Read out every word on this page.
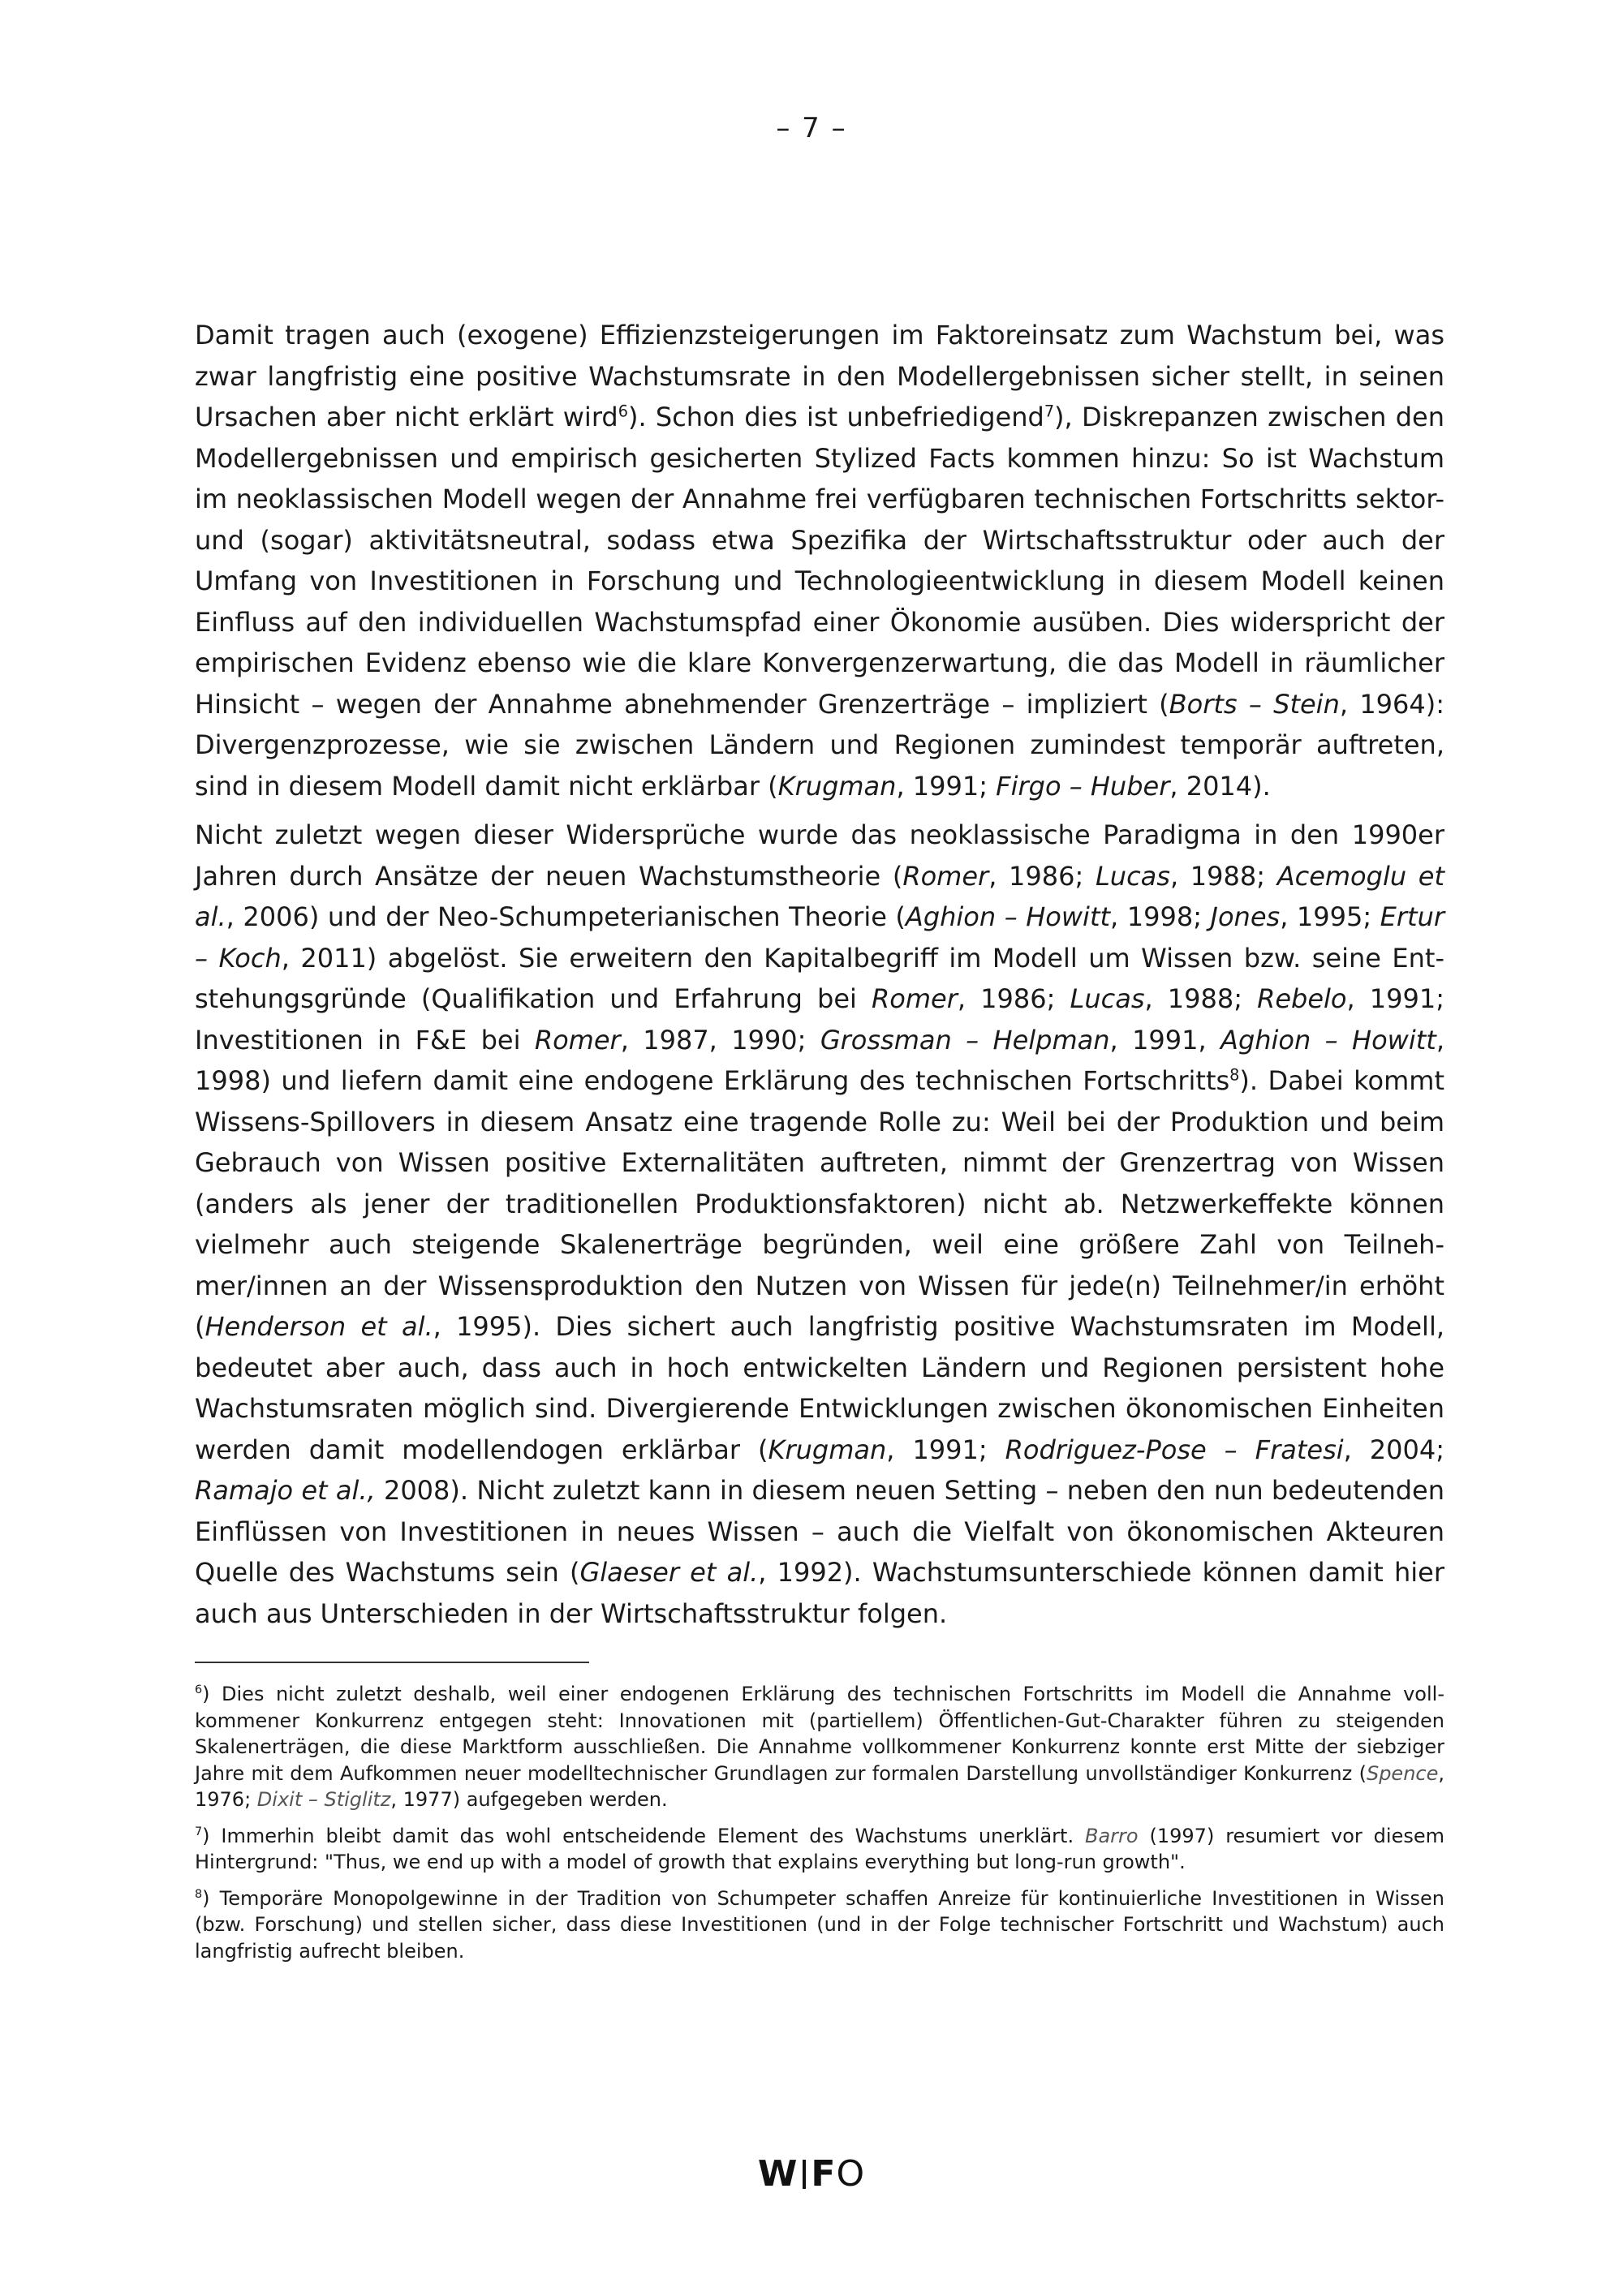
– 7 –

Damit tragen auch (exogene) Effizienzsteigerungen im Faktoreinsatz zum Wachstum bei, was zwar langfristig eine positive Wachstumsrate in den Modellergebnissen sicher stellt, in seinen Ursachen aber nicht erklärt wird$^6$). Schon dies ist unbefriedigend$^7$), Diskrepanzen zwischen den Modellergebnissen und empirisch gesicherten Stylized Facts kommen hinzu: So ist Wachstum im neoklassischen Modell wegen der Annahme frei verfügbaren technischen Fortschritts sektor- und (sogar) aktivitätsneutral, sodass etwa Spezifika der Wirtschaftsstruktur oder auch der Umfang von Investitionen in Forschung und Technologieentwicklung in diesem Modell keinen Einfluss auf den individuellen Wachstumspfad einer Ökonomie ausüben. Dies widerspricht der empirischen Evidenz ebenso wie die klare Konvergenzerwartung, die das Modell in räumlicher Hinsicht – wegen der Annahme abnehmender Grenzerträge – impliziert (Borts – Stein, 1964): Divergenzprozesse, wie sie zwischen Ländern und Regionen zumindest temporär auftreten, sind in diesem Modell damit nicht erklärbar (Krugman, 1991; Firgo – Huber, 2014).

Nicht zuletzt wegen dieser Widersprüche wurde das neoklassische Paradigma in den 1990er Jahren durch Ansätze der neuen Wachstumstheorie (Romer, 1986; Lucas, 1988; Acemoglu et al., 2006) und der Neo-Schumpeterianischen Theorie (Aghion – Howitt, 1998; Jones, 1995; Ertur – Koch, 2011) abgelöst. Sie erweitern den Kapitalbegriff im Modell um Wissen bzw. seine Entstehungsgründe (Qualifikation und Erfahrung bei Romer, 1986; Lucas, 1988; Rebelo, 1991; Investitionen in F&E bei Romer, 1987, 1990; Grossman – Helpman, 1991, Aghion – Howitt, 1998) und liefern damit eine endogene Erklärung des technischen Fortschritts$^8$). Dabei kommt Wissens-Spillovers in diesem Ansatz eine tragende Rolle zu: Weil bei der Produktion und beim Gebrauch von Wissen positive Externalitäten auftreten, nimmt der Grenzertrag von Wissen (anders als jener der traditionellen Produktionsfaktoren) nicht ab. Netzwerkeffekte können vielmehr auch steigende Skalenerträge begründen, weil eine größere Zahl von Teilnehmer/innen an der Wissensproduktion den Nutzen von Wissen für jede(n) Teilnehmer/in erhöht (Henderson et al., 1995). Dies sichert auch langfristig positive Wachstumsraten im Modell, bedeutet aber auch, dass auch in hoch entwickelten Ländern und Regionen persistent hohe Wachstumsraten möglich sind. Divergierende Entwicklungen zwischen ökonomischen Einheiten werden damit modellendogen erklärbar (Krugman, 1991; Rodriguez-Pose – Fratesi, 2004; Ramajo et al., 2008). Nicht zuletzt kann in diesem neuen Setting – neben den nun bedeutenden Einflüssen von Investitionen in neues Wissen – auch die Vielfalt von ökonomischen Akteuren Quelle des Wachstums sein (Glaeser et al., 1992). Wachstumsunterschiede können damit hier auch aus Unterschieden in der Wirtschaftsstruktur folgen.

$^6$) Dies nicht zuletzt deshalb, weil einer endogenen Erklärung des technischen Fortschritts im Modell die Annahme vollkommener Konkurrenz entgegen steht: Innovationen mit (partiellem) Öffentlichen-Gut-Charakter führen zu steigenden Skalenerträgen, die diese Marktform ausschließen. Die Annahme vollkommener Konkurrenz konnte erst Mitte der siebziger Jahre mit dem Aufkommen neuer modelltechnischer Grundlagen zur formalen Darstellung unvollständiger Konkurrenz (Spence, 1976; Dixit – Stiglitz, 1977) aufgegeben werden.

$^7$) Immerhin bleibt damit das wohl entscheidende Element des Wachstums unerklärt. Barro (1997) resumiert vor diesem Hintergrund: "Thus, we end up with a model of growth that explains everything but long-run growth".

$^8$) Temporäre Monopolgewinne in der Tradition von Schumpeter schaffen Anreize für kontinuierliche Investitionen in Wissen (bzw. Forschung) und stellen sicher, dass diese Investitionen (und in der Folge technischer Fortschritt und Wachstum) auch langfristig aufrecht bleiben.

W FO
